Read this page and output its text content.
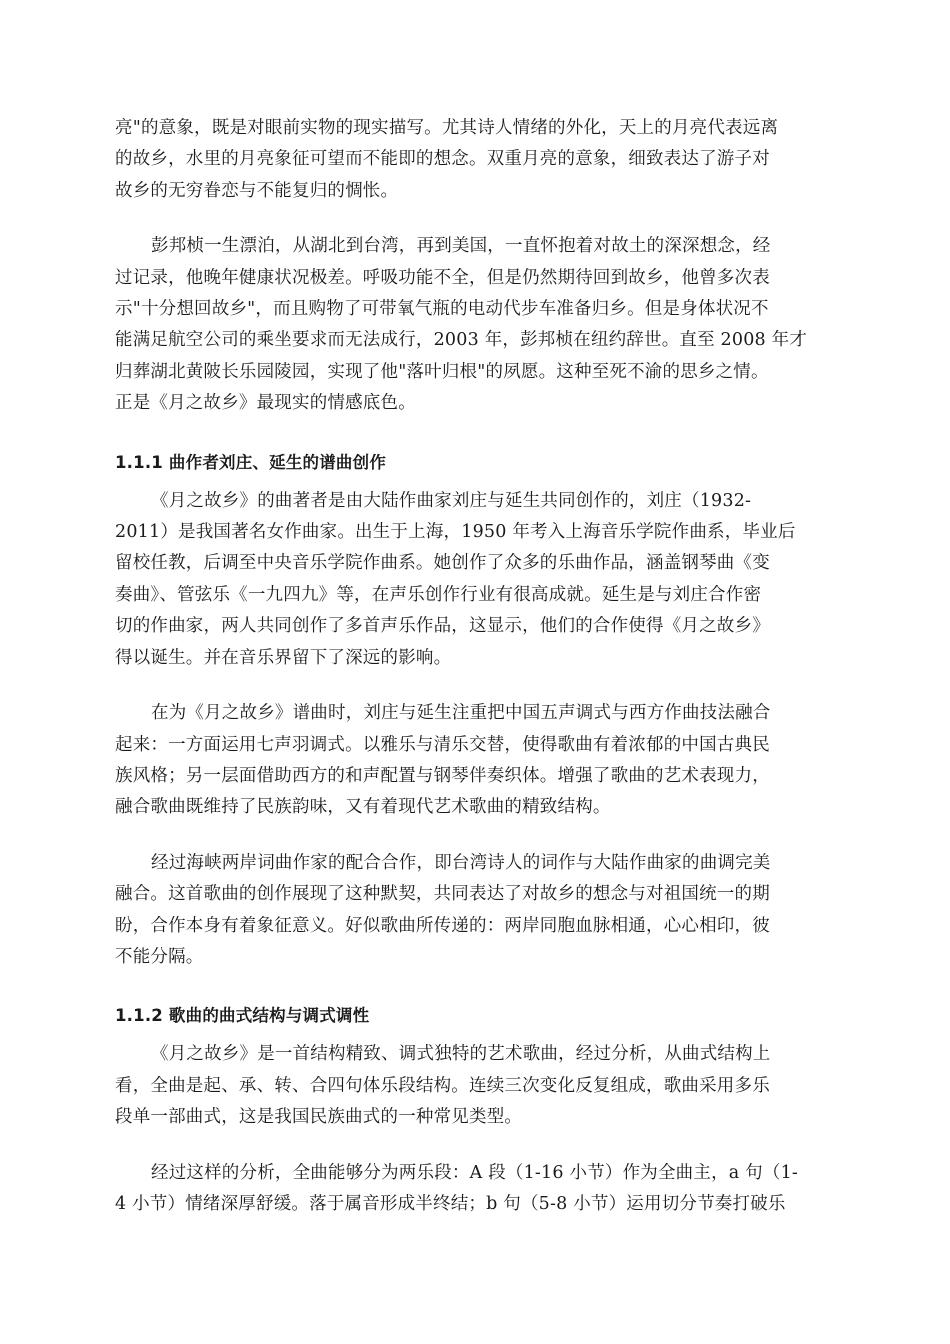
亮"的意象，既是对眼前实物的现实描写。尤其诗人情绪的外化，天上的月亮代表远离
的故乡，水里的月亮象征可望而不能即的想念。双重月亮的意象，细致表达了游子对
故乡的无穷眷恋与不能复归的惆怅。

彭邦桢一生漂泊，从湖北到台湾，再到美国，一直怀抱着对故土的深深想念，经
过记录，他晚年健康状况极差。呼吸功能不全，但是仍然期待回到故乡，他曾多次表
示"十分想回故乡"，而且购物了可带氧气瓶的电动代步车准备归乡。但是身体状况不
能满足航空公司的乘坐要求而无法成行，2003 年，彭邦桢在纽约辞世。直至 2008 年才
归葬湖北黄陂长乐园陵园，实现了他"落叶归根"的夙愿。这种至死不渝的思乡之情。
正是《月之故乡》最现实的情感底色。

1.1.1 曲作者刘庄、延生的谱曲创作

《月之故乡》的曲著者是由大陆作曲家刘庄与延生共同创作的，刘庄（1932-
2011）是我国著名女作曲家。出生于上海，1950 年考入上海音乐学院作曲系，毕业后
留校任教，后调至中央音乐学院作曲系。她创作了众多的乐曲作品，涵盖钢琴曲《变
奏曲》、管弦乐《一九四九》等，在声乐创作行业有很高成就。延生是与刘庄合作密
切的作曲家，两人共同创作了多首声乐作品，这显示，他们的合作使得《月之故乡》
得以诞生。并在音乐界留下了深远的影响。

在为《月之故乡》谱曲时，刘庄与延生注重把中国五声调式与西方作曲技法融合
起来：一方面运用七声羽调式。以雅乐与清乐交替，使得歌曲有着浓郁的中国古典民
族风格；另一层面借助西方的和声配置与钢琴伴奏织体。增强了歌曲的艺术表现力，
融合歌曲既维持了民族韵味，又有着现代艺术歌曲的精致结构。

经过海峡两岸词曲作家的配合合作，即台湾诗人的词作与大陆作曲家的曲调完美
融合。这首歌曲的创作展现了这种默契，共同表达了对故乡的想念与对祖国统一的期
盼，合作本身有着象征意义。好似歌曲所传递的：两岸同胞血脉相通，心心相印，彼
不能分隔。

1.1.2 歌曲的曲式结构与调式调性

《月之故乡》是一首结构精致、调式独特的艺术歌曲，经过分析，从曲式结构上
看，全曲是起、承、转、合四句体乐段结构。连续三次变化反复组成，歌曲采用多乐
段单一部曲式，这是我国民族曲式的一种常见类型。

经过这样的分析，全曲能够分为两乐段：A 段（1-16 小节）作为全曲主，a 句（1-
4 小节）情绪深厚舒缓。落于属音形成半终结；b 句（5-8 小节）运用切分节奏打破乐
